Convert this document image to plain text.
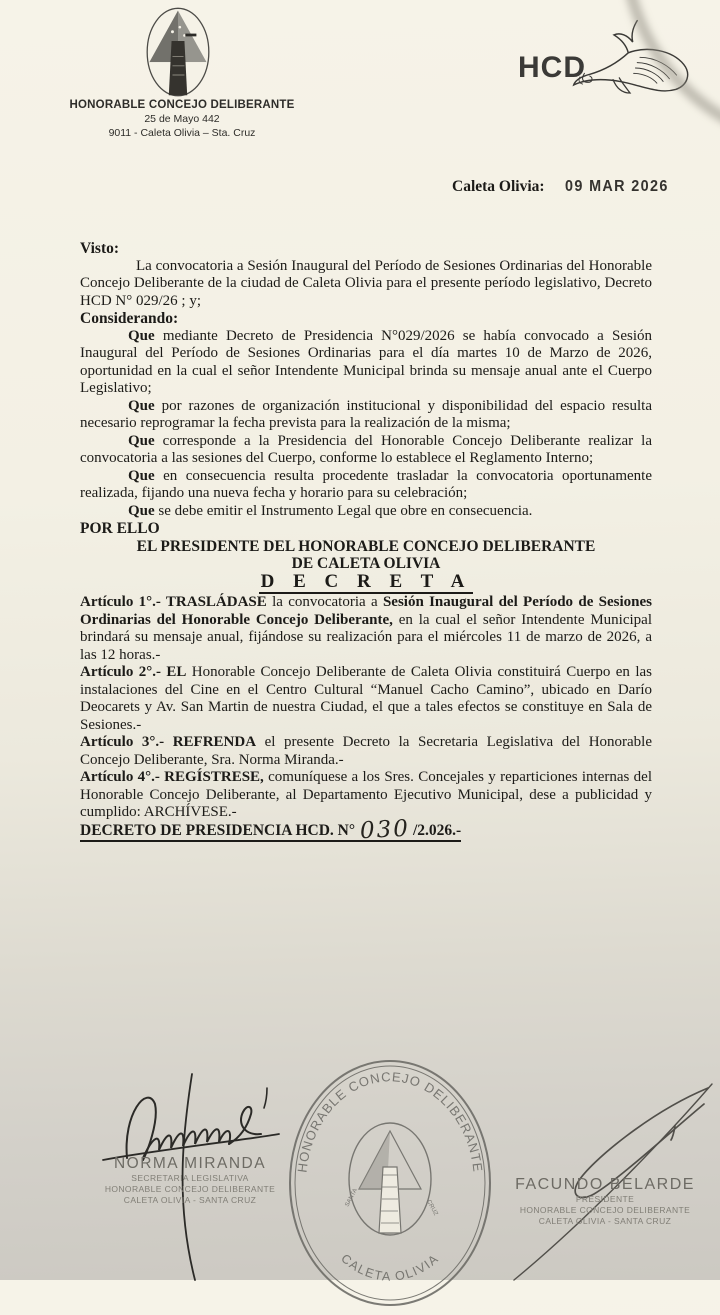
HONORABLE CONCEJO DELIBERANTE
25 de Mayo 442
9011 - Caleta Olivia – Sta. Cruz
HCD
Caleta Olivia: 09 MAR 2026

Visto:

La convocatoria a Sesión Inaugural del Período de Sesiones Ordinarias del Honorable Concejo Deliberante de la ciudad de Caleta Olivia para el presente período legislativo, Decreto HCD N° 029/26 ; y;

Considerando:

Que mediante Decreto de Presidencia N°029/2026 se había convocado a Sesión Inaugural del Período de Sesiones Ordinarias para el día martes 10 de Marzo de 2026, oportunidad en la cual el señor Intendente Municipal brinda su mensaje anual ante el Cuerpo Legislativo;

Que por razones de organización institucional y disponibilidad del espacio resulta necesario reprogramar la fecha prevista para la realización de la misma;

Que corresponde a la Presidencia del Honorable Concejo Deliberante realizar la convocatoria a las sesiones del Cuerpo, conforme lo establece el Reglamento Interno;

Que en consecuencia resulta procedente trasladar la convocatoria oportunamente realizada, fijando una nueva fecha y horario para su celebración;

Que se debe emitir el Instrumento Legal que obre en consecuencia.

POR ELLO

EL PRESIDENTE DEL HONORABLE CONCEJO DELIBERANTE

DE CALETA OLIVIA

D E C R E T A

Artículo 1°.- TRASLÁDASE la convocatoria a Sesión Inaugural del Período de Sesiones Ordinarias del Honorable Concejo Deliberante, en la cual el señor Intendente Municipal brindará su mensaje anual, fijándose su realización para el miércoles 11 de marzo de 2026, a las 12 horas.-

Artículo 2°.- EL Honorable Concejo Deliberante de Caleta Olivia constituirá Cuerpo en las instalaciones del Cine en el Centro Cultural “Manuel Cacho Camino”, ubicado en Darío Deocarets y Av. San Martin de nuestra Ciudad, el que a tales efectos se constituye en Sala de Sesiones.-

Artículo 3°.- REFRENDA el presente Decreto la Secretaria Legislativa del Honorable Concejo Deliberante, Sra. Norma Miranda.-

Artículo 4°.- REGÍSTRESE, comuníquese a los Sres. Concejales y reparticiones internas del Honorable Concejo Deliberante, al Departamento Ejecutivo Municipal, dese a publicidad y cumplido: ARCHÍVESE.-

DECRETO DE PRESIDENCIA HCD. N° 030 /2.026.-

NORMA MIRANDA
SECRETARIA LEGISLATIVA
HONORABLE CONCEJO DELIBERANTE
CALETA OLIVIA - SANTA CRUZ
HONORABLE CONCEJO DELIBERANTE
CALETA OLIVIA
SANTA	CRUZ
FACUNDO BELARDE
PRESIDENTE
HONORABLE CONCEJO DELIBERANTE
CALETA OLIVIA - SANTA CRUZ
